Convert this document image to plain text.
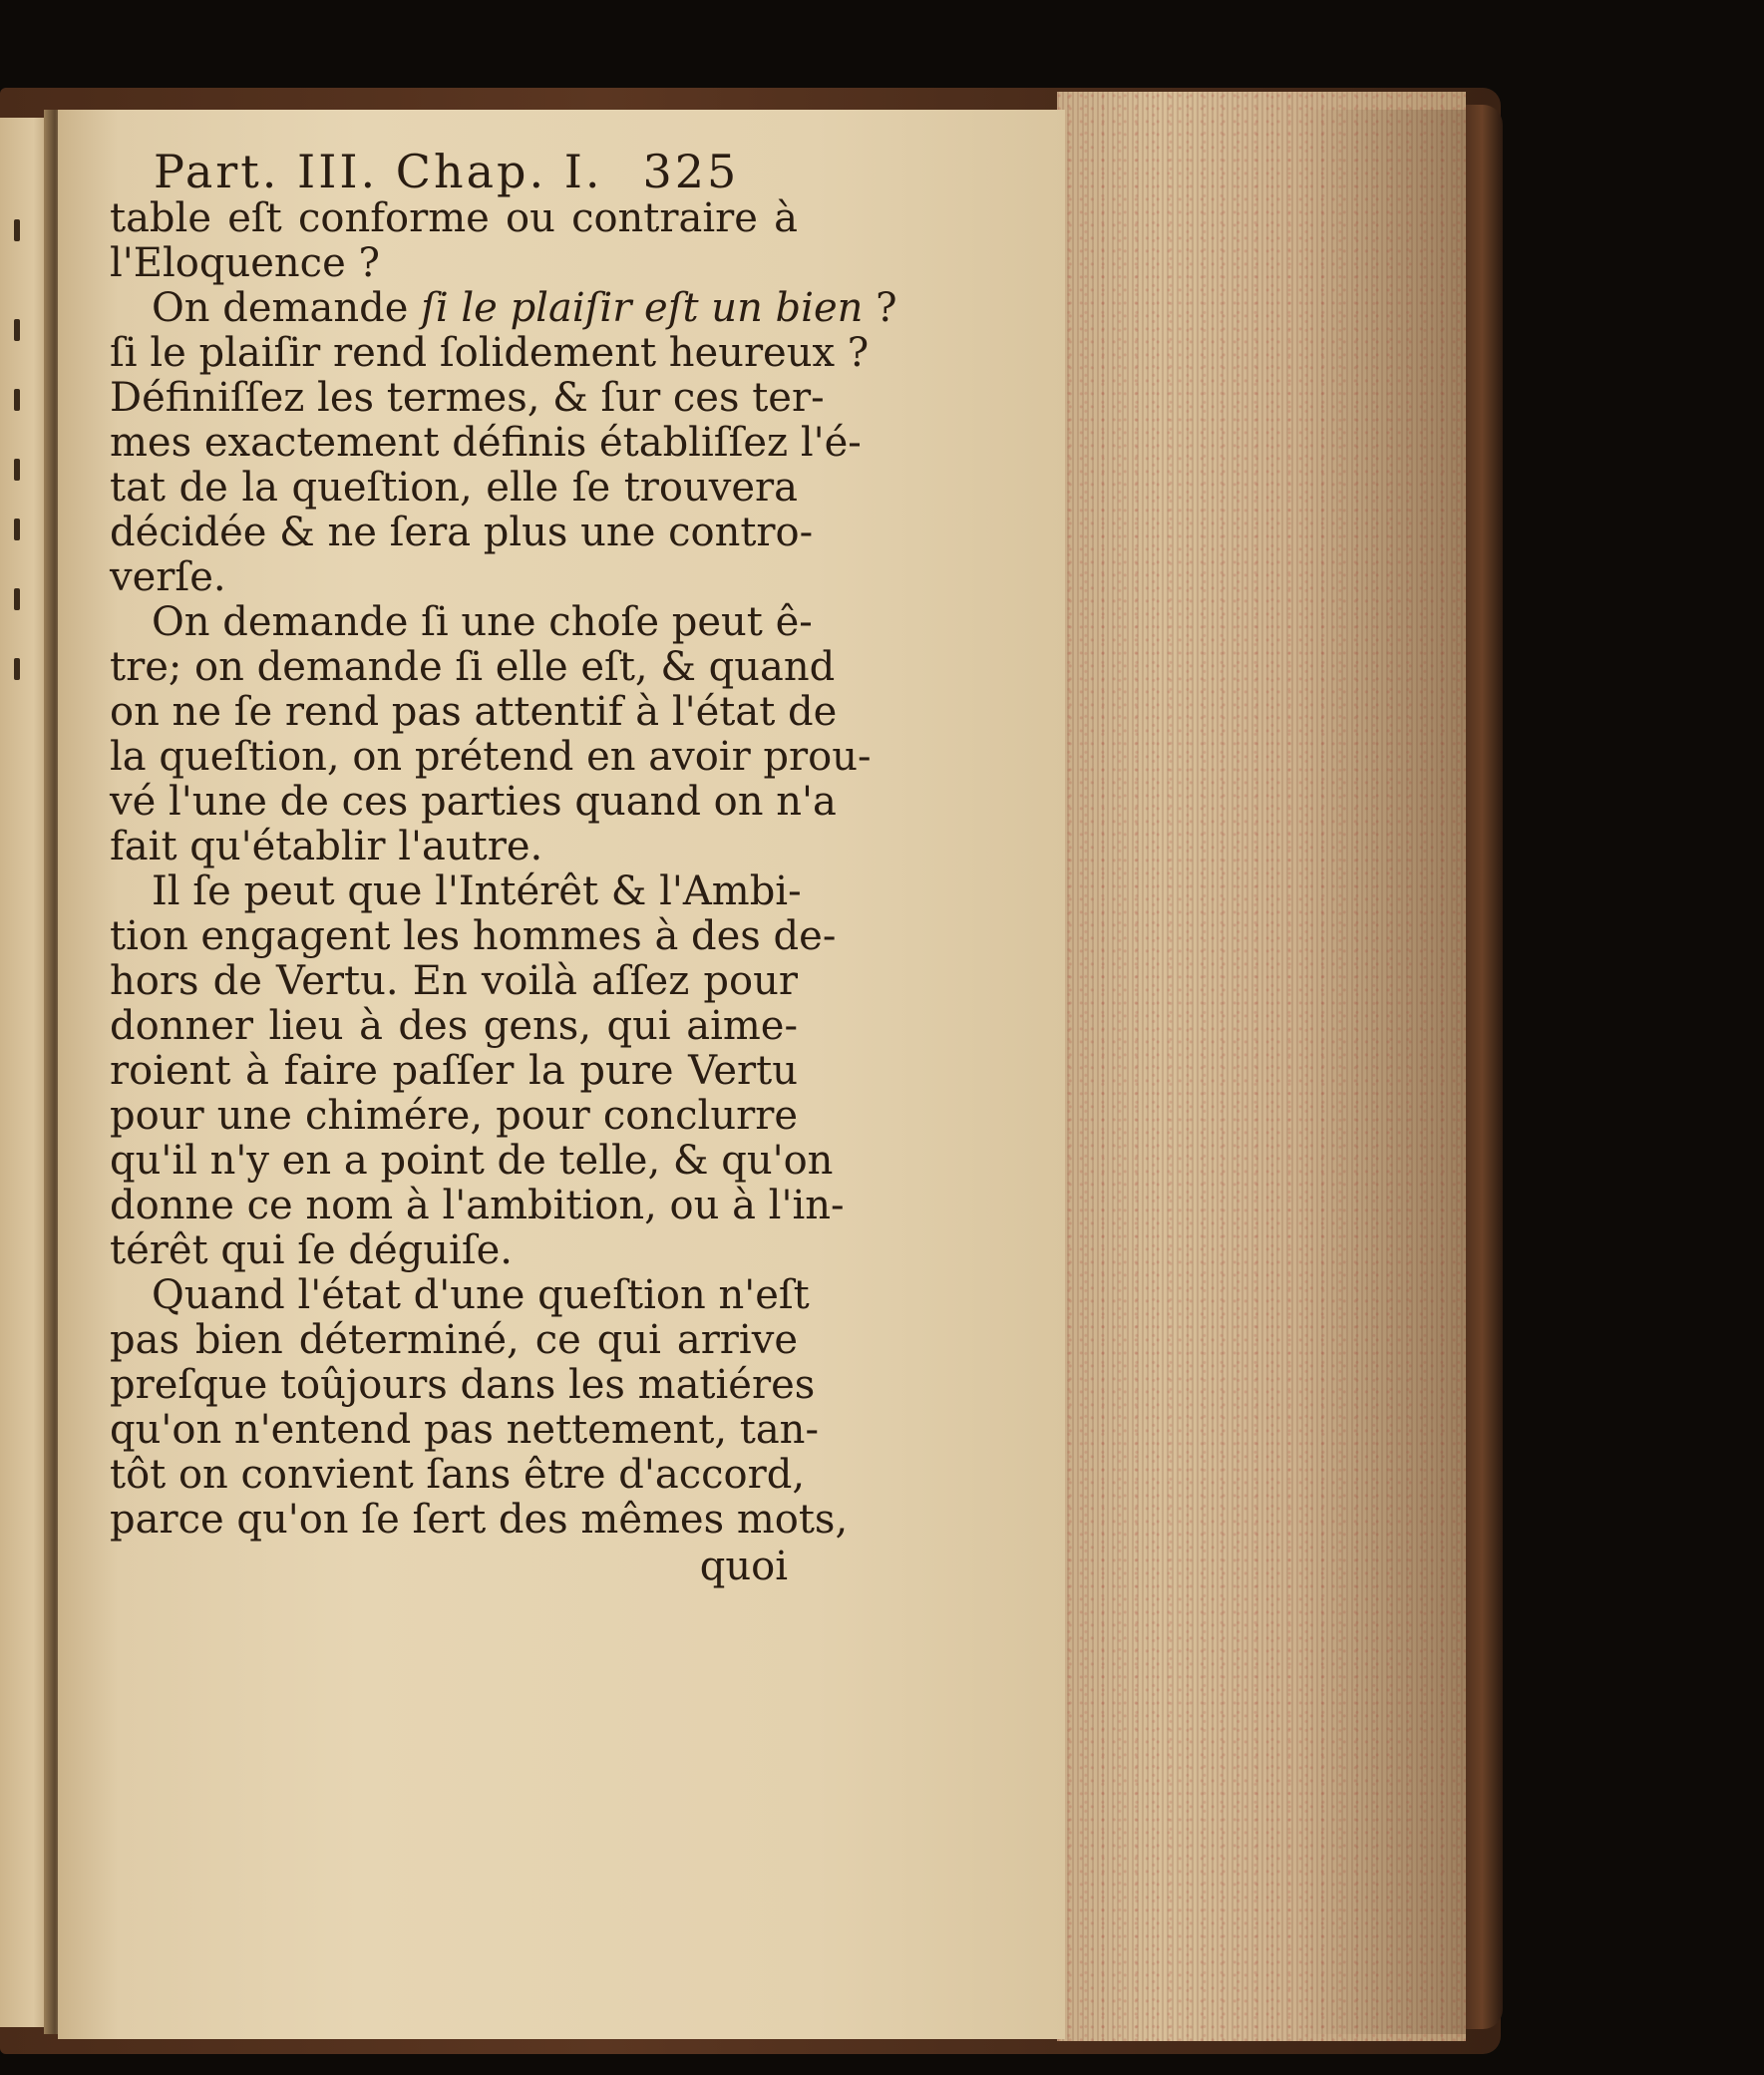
Part. III. Chap. I. 325
table eſt conforme ou contraire à
l'Eloquence ?
On demande ſi le plaiſir eſt un bien
ſi le plaiſir rend ſolidement heureux ?
Définiſſez les termes, & ſur ces ter-
mes exactement définis établiſſez l'é-
tat de la queſtion, elle ſe trouvera
décidée & ne ſera plus une contro-
verſe.
On demande ſi une choſe peut ê-
tre; on demande ſi elle eſt, & quand
on ne ſe rend pas attentif à l'état de
la queſtion, on prétend en avoir prou-
vé l'une de ces parties quand on n'a
fait qu'établir l'autre.
Il ſe peut que l'Intérêt & l'Ambi-
tion engagent les hommes à des de-
hors de Vertu. En voilà aſſez pour
donner lieu à des gens, qui aime-
roient à faire paſſer la pure Vertu
pour une chimére, pour conclurre
qu'il n'y en a point de telle, & qu'on
donne ce nom à l'ambition, ou à l'in-
térêt qui ſe déguiſe.
Quand l'état d'une queſtion n'eſt
pas bien déterminé, ce qui arrive
preſque toûjours dans les matiéres
qu'on n'entend pas nettement, tan-
tôt on convient ſans être d'accord,
parce qu'on ſe ſert des mêmes mots,
quoi
